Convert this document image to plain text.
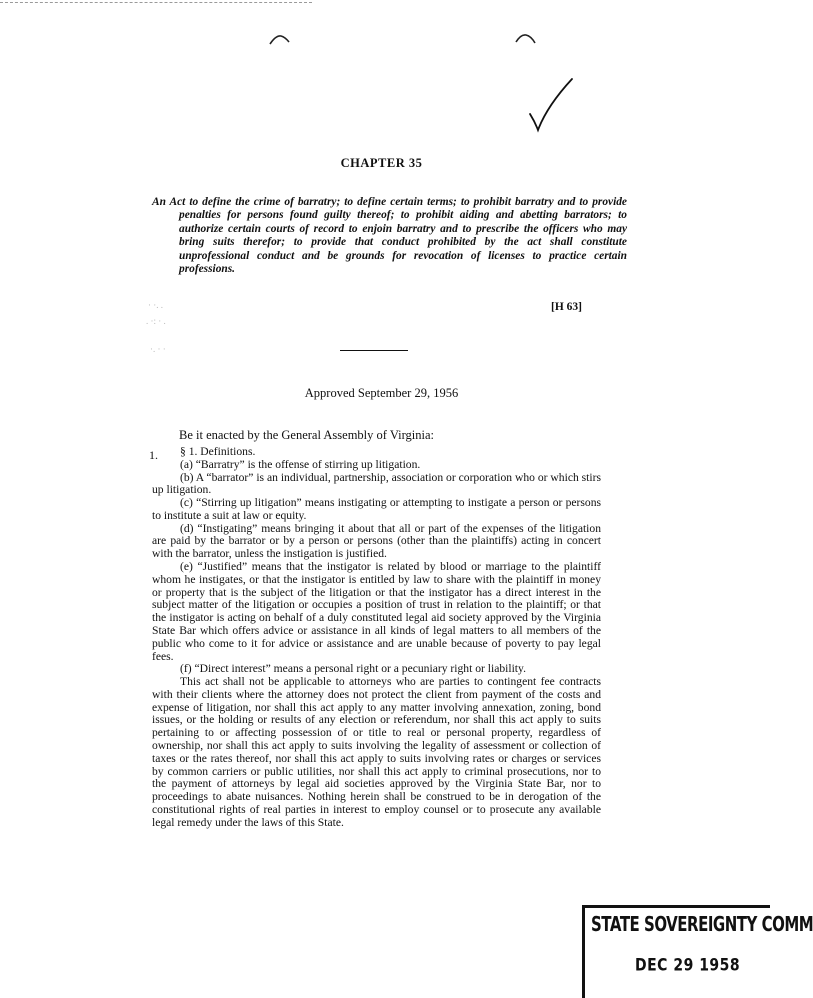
CHAPTER 35
An Act to define the crime of barratry; to define certain terms; to prohibit barratry and to provide penalties for persons found guilty thereof; to prohibit aiding and abetting barrators; to authorize certain courts of record to enjoin barratry and to prescribe the officers who may bring suits therefor; to provide that conduct prohibited by the act shall constitute unprofessional conduct and be grounds for revocation of licenses to practice certain professions.
[H 63]
· ·. .
. ·: · .
·. · ·
Approved September 29, 1956
Be it enacted by the General Assembly of Virginia:
1.	§ 1. Definitions.

(a) “Barratry” is the offense of stirring up litigation.

(b) A “barrator” is an individual, partnership, association or corporation who or which stirs up litigation.

(c) “Stirring up litigation” means instigating or attempting to instigate a person or persons to institute a suit at law or equity.

(d) “Instigating” means bringing it about that all or part of the expenses of the litigation are paid by the barrator or by a person or persons (other than the plaintiffs) acting in concert with the barrator, unless the instigation is justified.

(e) “Justified” means that the instigator is related by blood or marriage to the plaintiff whom he instigates, or that the instigator is entitled by law to share with the plaintiff in money or property that is the subject of the litigation or that the instigator has a direct interest in the subject matter of the litigation or occupies a position of trust in relation to the plaintiff; or that the instigator is acting on behalf of a duly constituted legal aid society approved by the Virginia State Bar which offers advice or assistance in all kinds of legal matters to all members of the public who come to it for advice or assistance and are unable because of poverty to pay legal fees.

(f) “Direct interest” means a personal right or a pecuniary right or liability.

This act shall not be applicable to attorneys who are parties to contingent fee contracts with their clients where the attorney does not protect the client from payment of the costs and expense of litigation, nor shall this act apply to any matter involving annexation, zoning, bond issues, or the holding or results of any election or referendum, nor shall this act apply to suits pertaining to or affecting possession of or title to real or personal property, regardless of ownership, nor shall this act apply to suits involving the legality of assessment or collection of taxes or the rates thereof, nor shall this act apply to suits involving rates or charges or services by common carriers or public utilities, nor shall this act apply to criminal prosecutions, nor to the payment of attorneys by legal aid societies approved by the Virginia State Bar, nor to proceedings to abate nuisances. Nothing herein shall be construed to be in derogation of the constitutional rights of real parties in interest to employ counsel or to prosecute any available legal remedy under the laws of this State.

STATE SOVEREIGNTY COMM
DEC 29 1958
